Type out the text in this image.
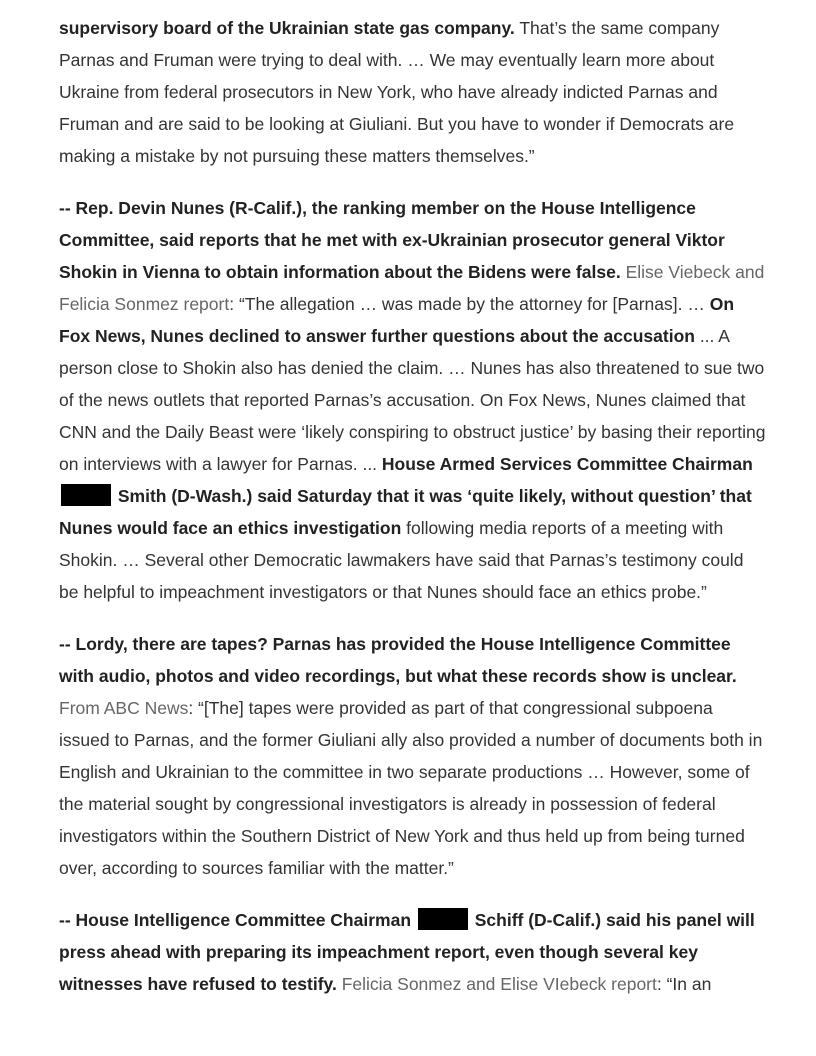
supervisory board of the Ukrainian state gas company. That’s the same company Parnas and Fruman were trying to deal with. … We may eventually learn more about Ukraine from federal prosecutors in New York, who have already indicted Parnas and Fruman and are said to be looking at Giuliani. But you have to wonder if Democrats are making a mistake by not pursuing these matters themselves.”

-- Rep. Devin Nunes (R-Calif.), the ranking member on the House Intelligence Committee, said reports that he met with ex-Ukrainian prosecutor general Viktor Shokin in Vienna to obtain information about the Bidens were false. Elise Viebeck and Felicia Sonmez report: “The allegation … was made by the attorney for [Parnas]. … On Fox News, Nunes declined to answer further questions about the accusation ... A person close to Shokin also has denied the claim. … Nunes has also threatened to sue two of the news outlets that reported Parnas’s accusation. On Fox News, Nunes claimed that CNN and the Daily Beast were ‘likely conspiring to obstruct justice’ by basing their reporting on interviews with a lawyer for Parnas. ... House Armed Services Committee Chairman  Smith (D-Wash.) said Saturday that it was ‘quite likely, without question’ that Nunes would face an ethics investigation following media reports of a meeting with Shokin. … Several other Democratic lawmakers have said that Parnas’s testimony could be helpful to impeachment investigators or that Nunes should face an ethics probe.”

-- Lordy, there are tapes? Parnas has provided the House Intelligence Committee with audio, photos and video recordings, but what these records show is unclear. From ABC News: “[The] tapes were provided as part of that congressional subpoena issued to Parnas, and the former Giuliani ally also provided a number of documents both in English and Ukrainian to the committee in two separate productions … However, some of the material sought by congressional investigators is already in possession of federal investigators within the Southern District of New York and thus held up from being turned over, according to sources familiar with the matter.”

-- House Intelligence Committee Chairman	Schiff (D-Calif.) said his panel will press ahead with preparing its impeachment report, even though several key witnesses have refused to testify. Felicia Sonmez and Elise VIebeck report: “In an
